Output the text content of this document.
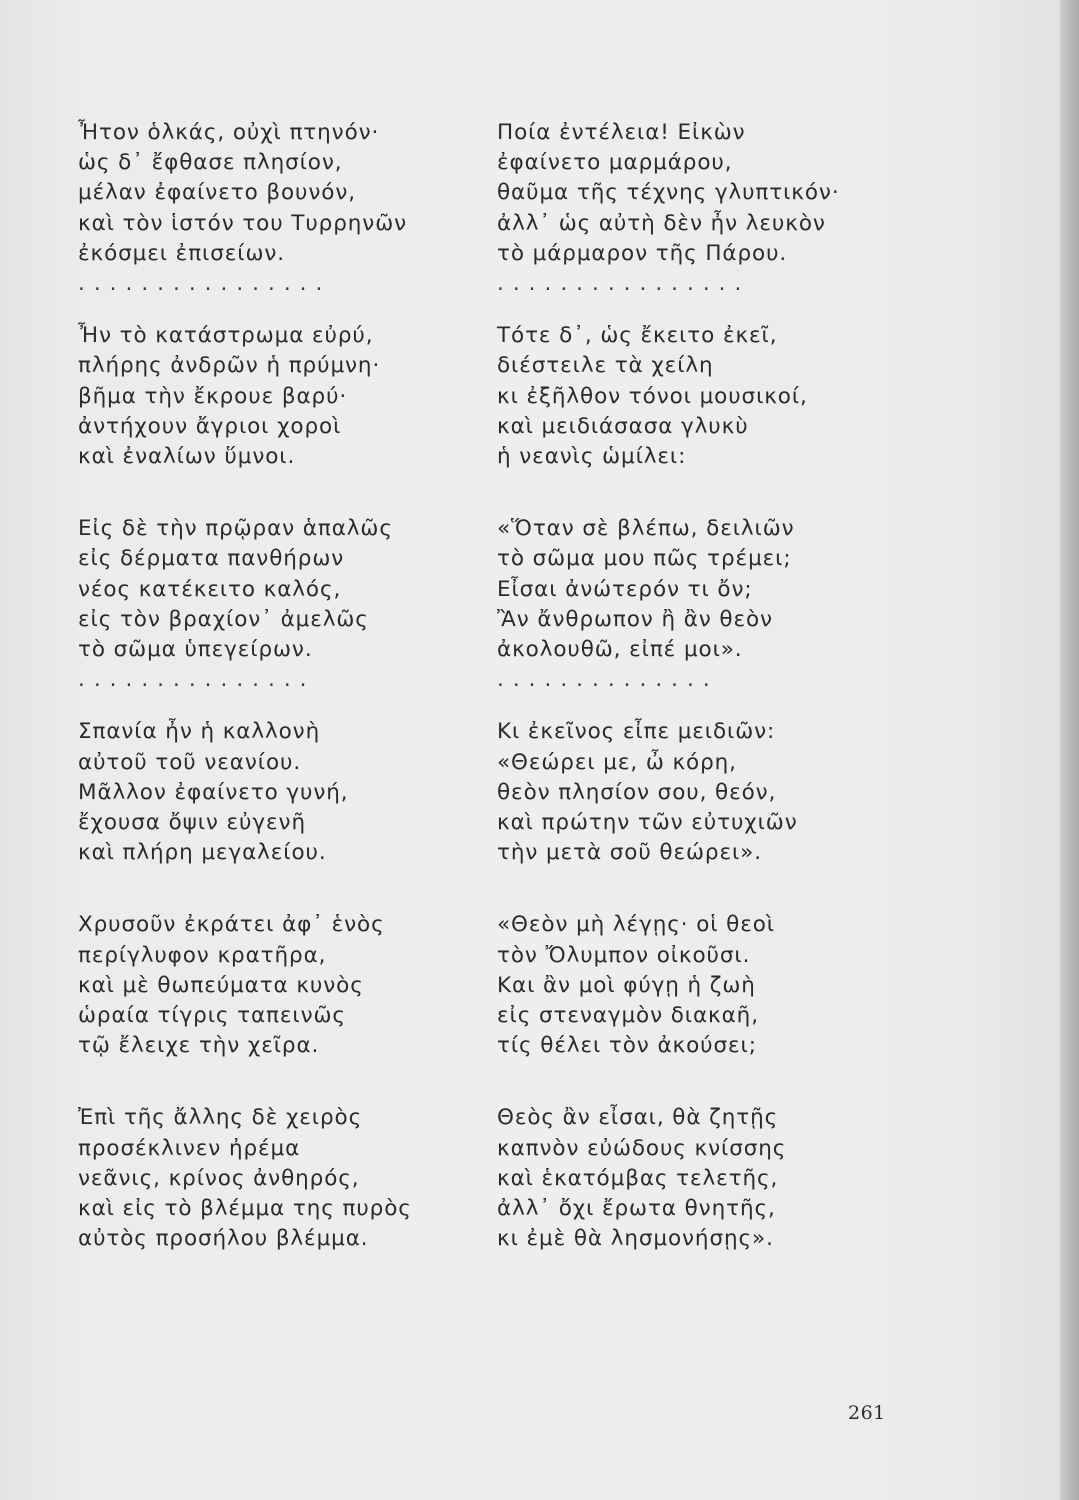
Ἦτον ὁλκάς, οὐχὶ πτηνόν·
ὡς δ᾽ ἔφθασε πλησίον,
μέλαν ἐφαίνετο βουνόν,
καὶ τὸν ἱστόν του Τυρρηνῶν
ἐκόσμει ἐπισείων.
................
Ἦν τὸ κατάστρωμα εὐρύ,
πλήρης ἀνδρῶν ἡ πρύμνη·
βῆμα τὴν ἔκρουε βαρύ·
ἀντήχουν ἄγριοι χοροὶ
καὶ ἐναλίων ὕμνοι.
Εἰς δὲ τὴν πρῷραν ἁπαλῶς
εἰς δέρματα πανθήρων
νέος κατέκειτο καλός,
εἰς τὸν βραχίον᾽ ἀμελῶς
τὸ σῶμα ὑπεγείρων.
...............
Σπανία ἦν ἡ καλλονὴ
αὐτοῦ τοῦ νεανίου.
Μᾶλλον ἐφαίνετο γυνή,
ἔχουσα ὄψιν εὐγενῆ
καὶ πλήρη μεγαλείου.
Χρυσοῦν ἐκράτει ἀφ᾽ ἑνὸς
περίγλυφον κρατῆρα,
καὶ μὲ θωπεύματα κυνὸς
ὡραία τίγρις ταπεινῶς
τῷ ἔλειχε τὴν χεῖρα.
Ἐπὶ τῆς ἄλλης δὲ χειρὸς
προσέκλινεν ἠρέμα
νεᾶνις, κρίνος ἀνθηρός,
καὶ εἰς τὸ βλέμμα της πυρὸς
αὐτὸς προσήλου βλέμμα.
Ποία ἐντέλεια! Εἰκὼν
ἐφαίνετο μαρμάρου,
θαῦμα τῆς τέχνης γλυπτικόν·
ἀλλ᾽ ὡς αὐτὴ δὲν ἦν λευκὸν
τὸ μάρμαρον τῆς Πάρου.
................
Τότε δ᾽, ὡς ἔκειτο ἐκεῖ,
διέστειλε τὰ χείλη
κι ἐξῆλθον τόνοι μουσικοί,
καὶ μειδιάσασα γλυκὺ
ἡ νεανὶς ὡμίλει:
«Ὅταν σὲ βλέπω, δειλιῶν
τὸ σῶμα μου πῶς τρέμει;
Εἶσαι ἀνώτερόν τι ὄν;
Ἂν ἄνθρωπον ἢ ἂν θεὸν
ἀκολουθῶ, εἰπέ μοι».
..............
Κι ἐκεῖνος εἶπε μειδιῶν:
«Θεώρει με, ὦ κόρη,
θεὸν πλησίον σου, θεόν,
καὶ πρώτην τῶν εὐτυχιῶν
τὴν μετὰ σοῦ θεώρει».
«Θεὸν μὴ λέγῃς· οἱ θεοὶ
τὸν Ὄλυμπον οἰκοῦσι.
Και ἂν μοὶ φύγῃ ἡ ζωὴ
εἰς στεναγμὸν διακαῆ,
τίς θέλει τὸν ἀκούσει;
Θεὸς ἂν εἶσαι, θὰ ζητῇς
καπνὸν εὐώδους κνίσσης
καὶ ἑκατόμβας τελετῆς,
ἀλλ᾽ ὄχι ἔρωτα θνητῆς,
κι ἐμὲ θὰ λησμονήσῃς».
261
